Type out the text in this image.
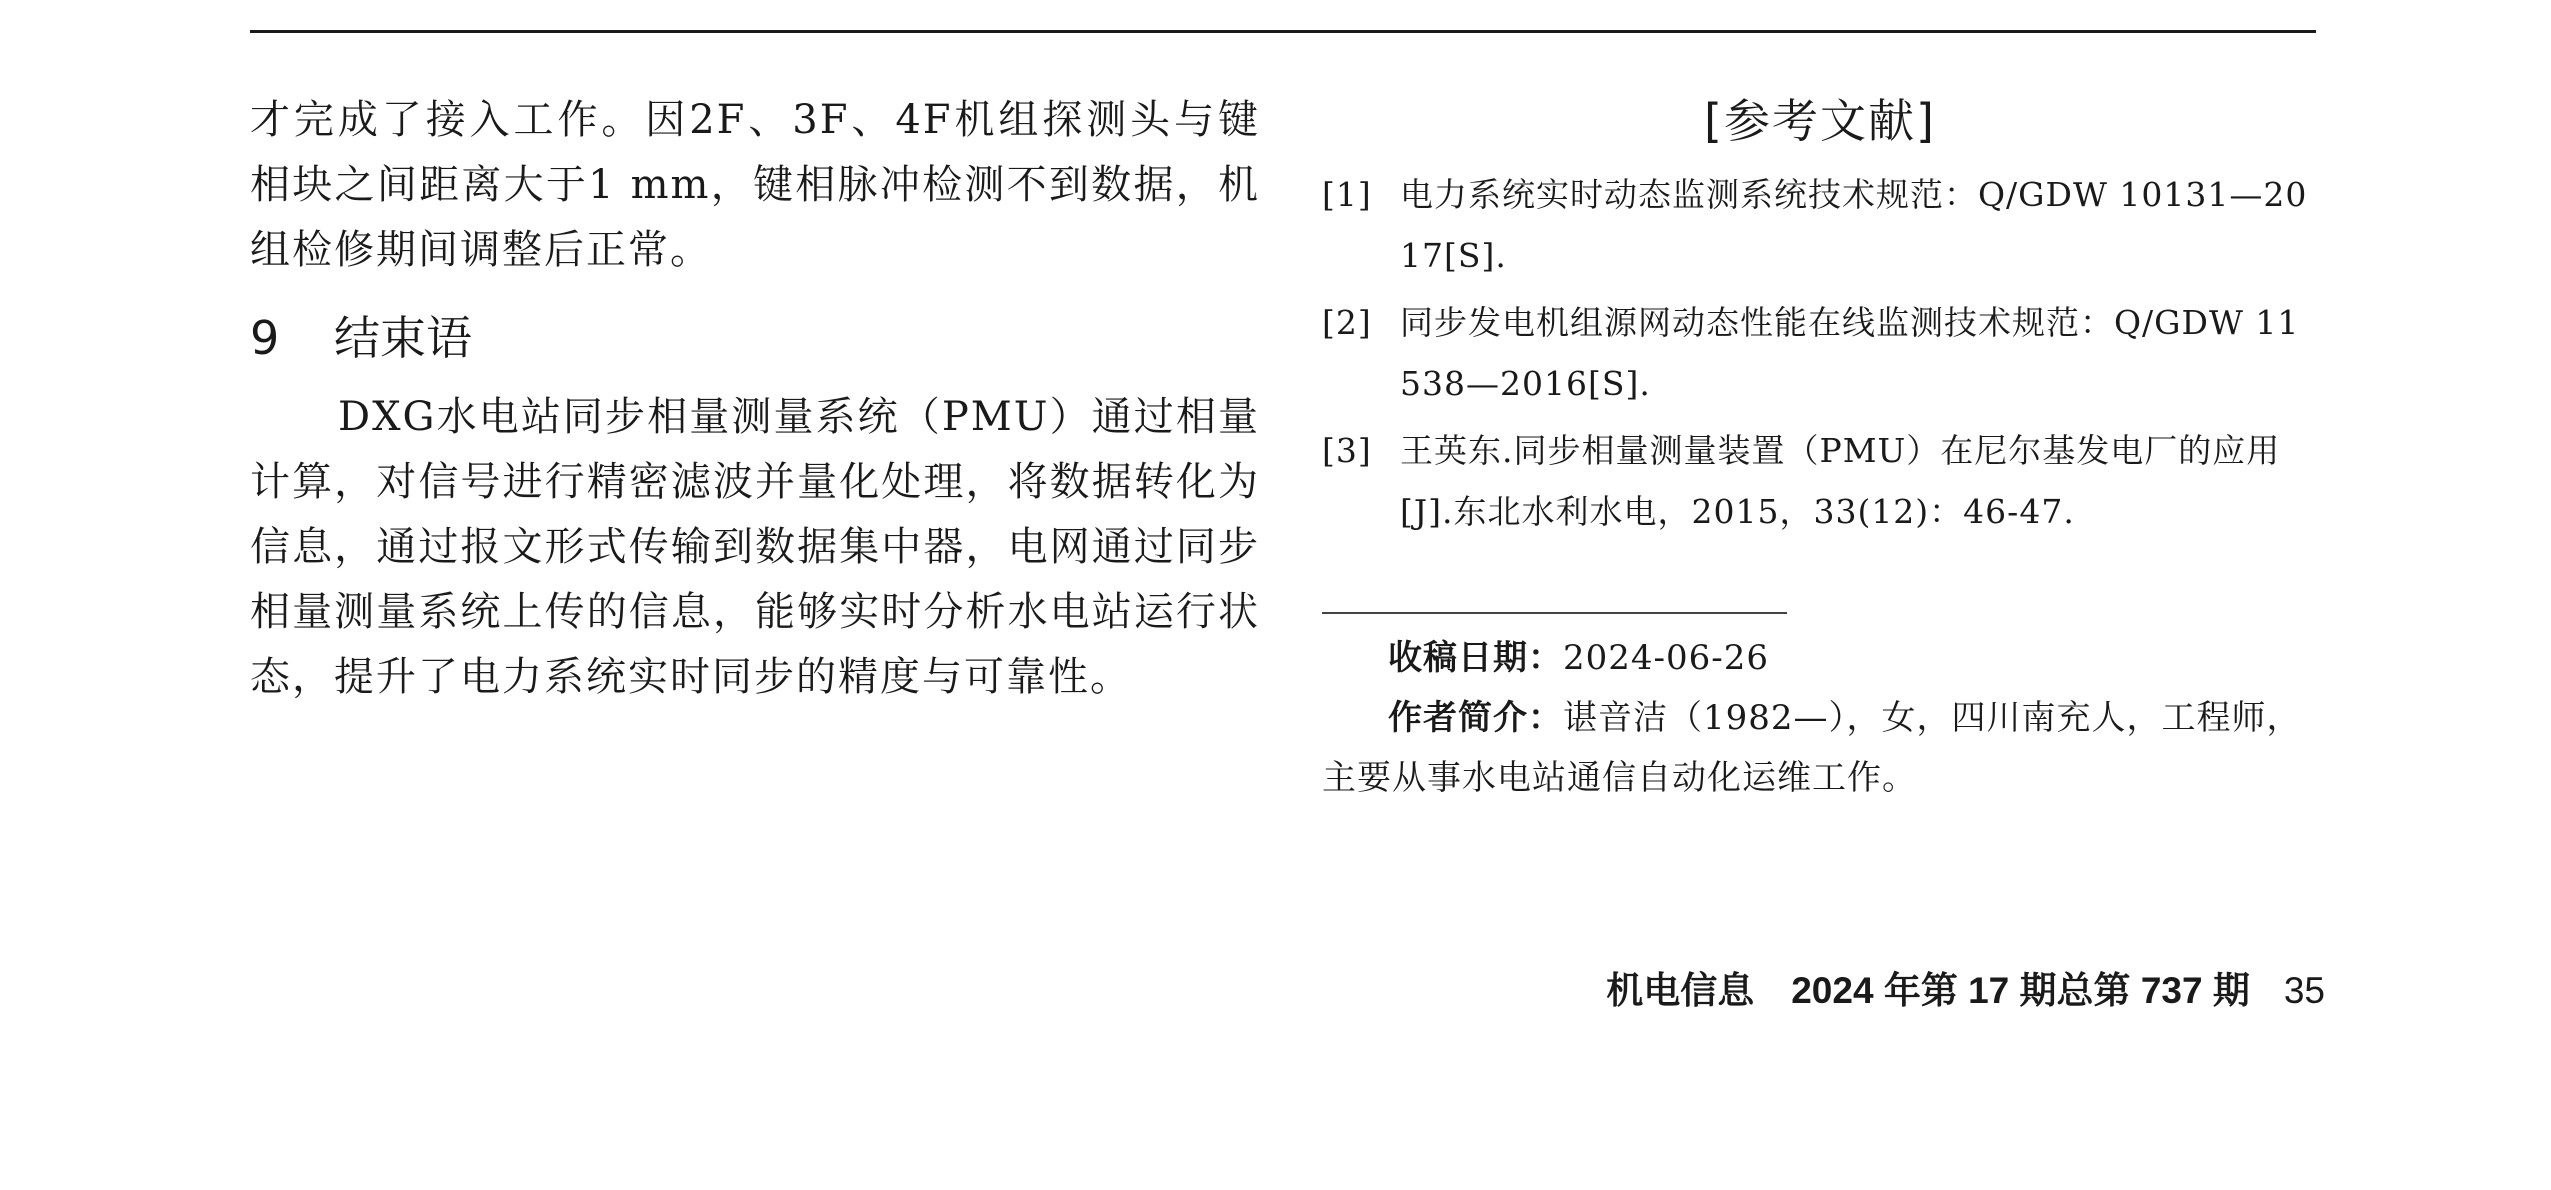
才完成了接入工作。因2F、3F、4F机组探测头与键相块之间距离大于1 mm，键相脉冲检测不到数据，机组检修期间调整后正常。

9 结束语

DXG水电站同步相量测量系统（PMU）通过相量计算，对信号进行精密滤波并量化处理，将数据转化为信息，通过报文形式传输到数据集中器，电网通过同步相量测量系统上传的信息，能够实时分析水电站运行状态，提升了电力系统实时同步的精度与可靠性。

[参考文献]
[1] 电力系统实时动态监测系统技术规范：Q/GDW 10131—2017[S].
[2] 同步发电机组源网动态性能在线监测技术规范：Q/GDW 11538—2016[S].
[3] 王英东.同步相量测量装置（PMU）在尼尔基发电厂的应用[J].东北水利水电，2015，33(12)：46-47.
收稿日期：2024-06-26
作者简介：谌音洁（1982—），女，四川南充人，工程师，主要从事水电站通信自动化运维工作。

机电信息　2024 年第 17 期总第 737 期 35
